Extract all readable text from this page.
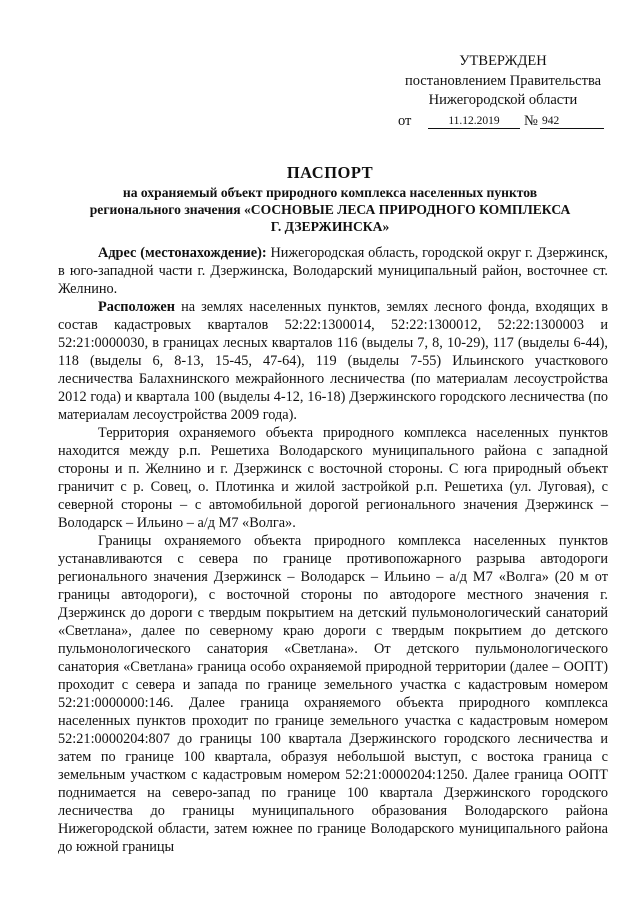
УТВЕРЖДЕН
постановлением Правительства
Нижегородской области
от	11.12.2019	№ 942
ПАСПОРТ
на охраняемый объект природного комплекса населенных пунктов
регионального значения «СОСНОВЫЕ ЛЕСА ПРИРОДНОГО КОМПЛЕКСА
Г. ДЗЕРЖИНСКА»

Адрес (местонахождение): Нижегородская область, городской округ г. Дзержинск, в юго-западной части г. Дзержинска, Володарский муниципальный район, восточнее ст. Желнино.

Расположен на землях населенных пунктов, землях лесного фонда, входящих в состав кадастровых кварталов 52:22:1300014, 52:22:1300012, 52:22:1300003 и 52:21:0000030, в границах лесных кварталов 116 (выделы 7, 8, 10-29), 117 (выделы 6-44), 118 (выделы 6, 8-13, 15-45, 47-64), 119 (выделы 7-55) Ильинского участкового лесничества Балахнинского межрайонного лесничества (по материалам лесоустройства 2012 года) и квартала 100 (выделы 4-12, 16-18) Дзержинского городского лесничества (по материалам лесоустройства 2009 года).

Территория охраняемого объекта природного комплекса населенных пунктов находится между р.п. Решетиха Володарского муниципального района с западной стороны и п. Желнино и г. Дзержинск с восточной стороны. С юга природный объект граничит с р. Совец, о. Плотинка и жилой застройкой р.п. Решетиха (ул. Луговая), с северной стороны – с автомобильной дорогой регионального значения Дзержинск – Володарск – Ильино – а/д М7 «Волга».

Границы охраняемого объекта природного комплекса населенных пунктов устанавливаются с севера по границе противопожарного разрыва автодороги регионального значения Дзержинск – Володарск – Ильино – а/д М7 «Волга» (20 м от границы автодороги), с восточной стороны по автодороге местного значения г. Дзержинск до дороги с твердым покрытием на детский пульмонологический санаторий «Светлана», далее по северному краю дороги с твердым покрытием до детского пульмонологического санатория «Светлана». От детского пульмонологического санатория «Светлана» граница особо охраняемой природной территории (далее – ООПТ) проходит с севера и запада по границе земельного участка с кадастровым номером 52:21:0000000:146. Далее граница охраняемого объекта природного комплекса населенных пунктов проходит по границе земельного участка с кадастровым номером 52:21:0000204:807 до границы 100 квартала Дзержинского городского лесничества и затем по границе 100 квартала, образуя небольшой выступ, с востока граница с земельным участком с кадастровым номером 52:21:0000204:1250. Далее граница ООПТ поднимается на северо-запад по границе 100 квартала Дзержинского городского лесничества до границы муниципального образования Володарского района Нижегородской области, затем южнее по границе Володарского муниципального района до южной границы
